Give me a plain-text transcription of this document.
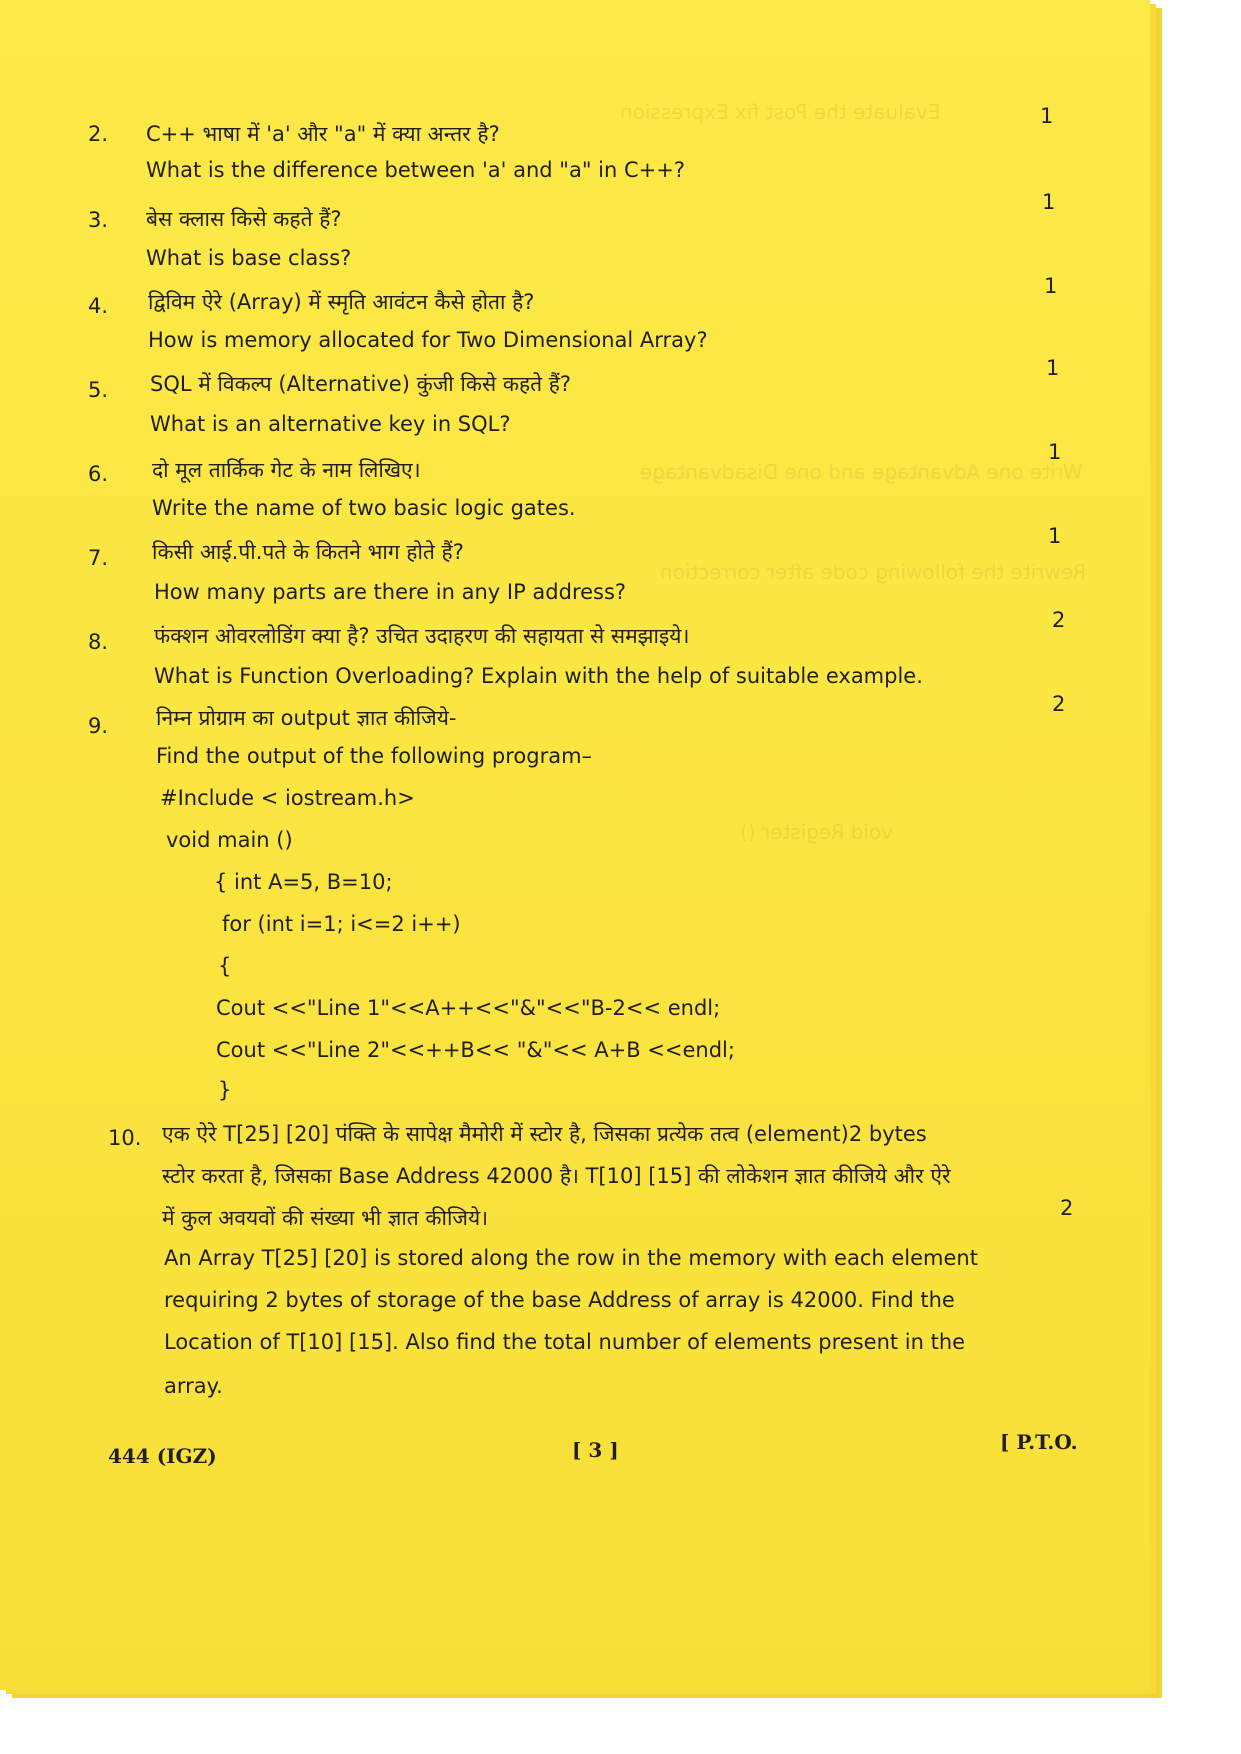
Evaluate the Post fix Expression
Write one Advantage and one Disadvantage
Rewrite the following code after correction
void Register ()
2.	C++ भाषा में 'a' और "a" में क्या अन्तर है?
What is the difference between 'a' and "a" in C++?
1
3.	बेस क्लास किसे कहते हैं?
What is base class?
1
4.	द्विविम ऐरे (Array) में स्मृति आवंटन कैसे होता है?
How is memory allocated for Two Dimensional Array?
1
5.	SQL में विकल्प (Alternative) कुंजी किसे कहते हैं?
What is an alternative key in SQL?
1
6.	दो मूल तार्किक गेट के नाम लिखिए।
Write the name of two basic logic gates.
1
7.	किसी आई.पी.पते के कितने भाग होते हैं?
How many parts are there in any IP address?
1
8.	फंक्शन ओवरलोडिंग क्या है? उचित उदाहरण की सहायता से समझाइये।
What is Function Overloading? Explain with the help of suitable example.
2
9.	निम्न प्रोग्राम का output ज्ञात कीजिये-
Find the output of the following program–
2
#Include < iostream.h>
void main ()
{ int A=5, B=10;
for (int i=1; i<=2 i++)
{
Cout <<"Line 1"<<A++<<"&"<<"B-2<< endl;
Cout <<"Line 2"<<++B<< "&"<< A+B <<endl;
}
10. एक ऐरे T[25] [20] पंक्ति के सापेक्ष मैमोरी में स्टोर है, जिसका प्रत्येक तत्व (element)2 bytes
स्टोर करता है, जिसका Base Address 42000 है। T[10] [15] की लोकेशन ज्ञात कीजिये और ऐरे
में कुल अवयवों की संख्या भी ज्ञात कीजिये।	2
An Array T[25] [20] is stored along the row in the memory with each element
requiring 2 bytes of storage of the base Address of array is 42000. Find the
Location of T[10] [15]. Also find the total number of elements present in the
array.
444 (IGZ)	[ 3 ]	[ P.T.O.
